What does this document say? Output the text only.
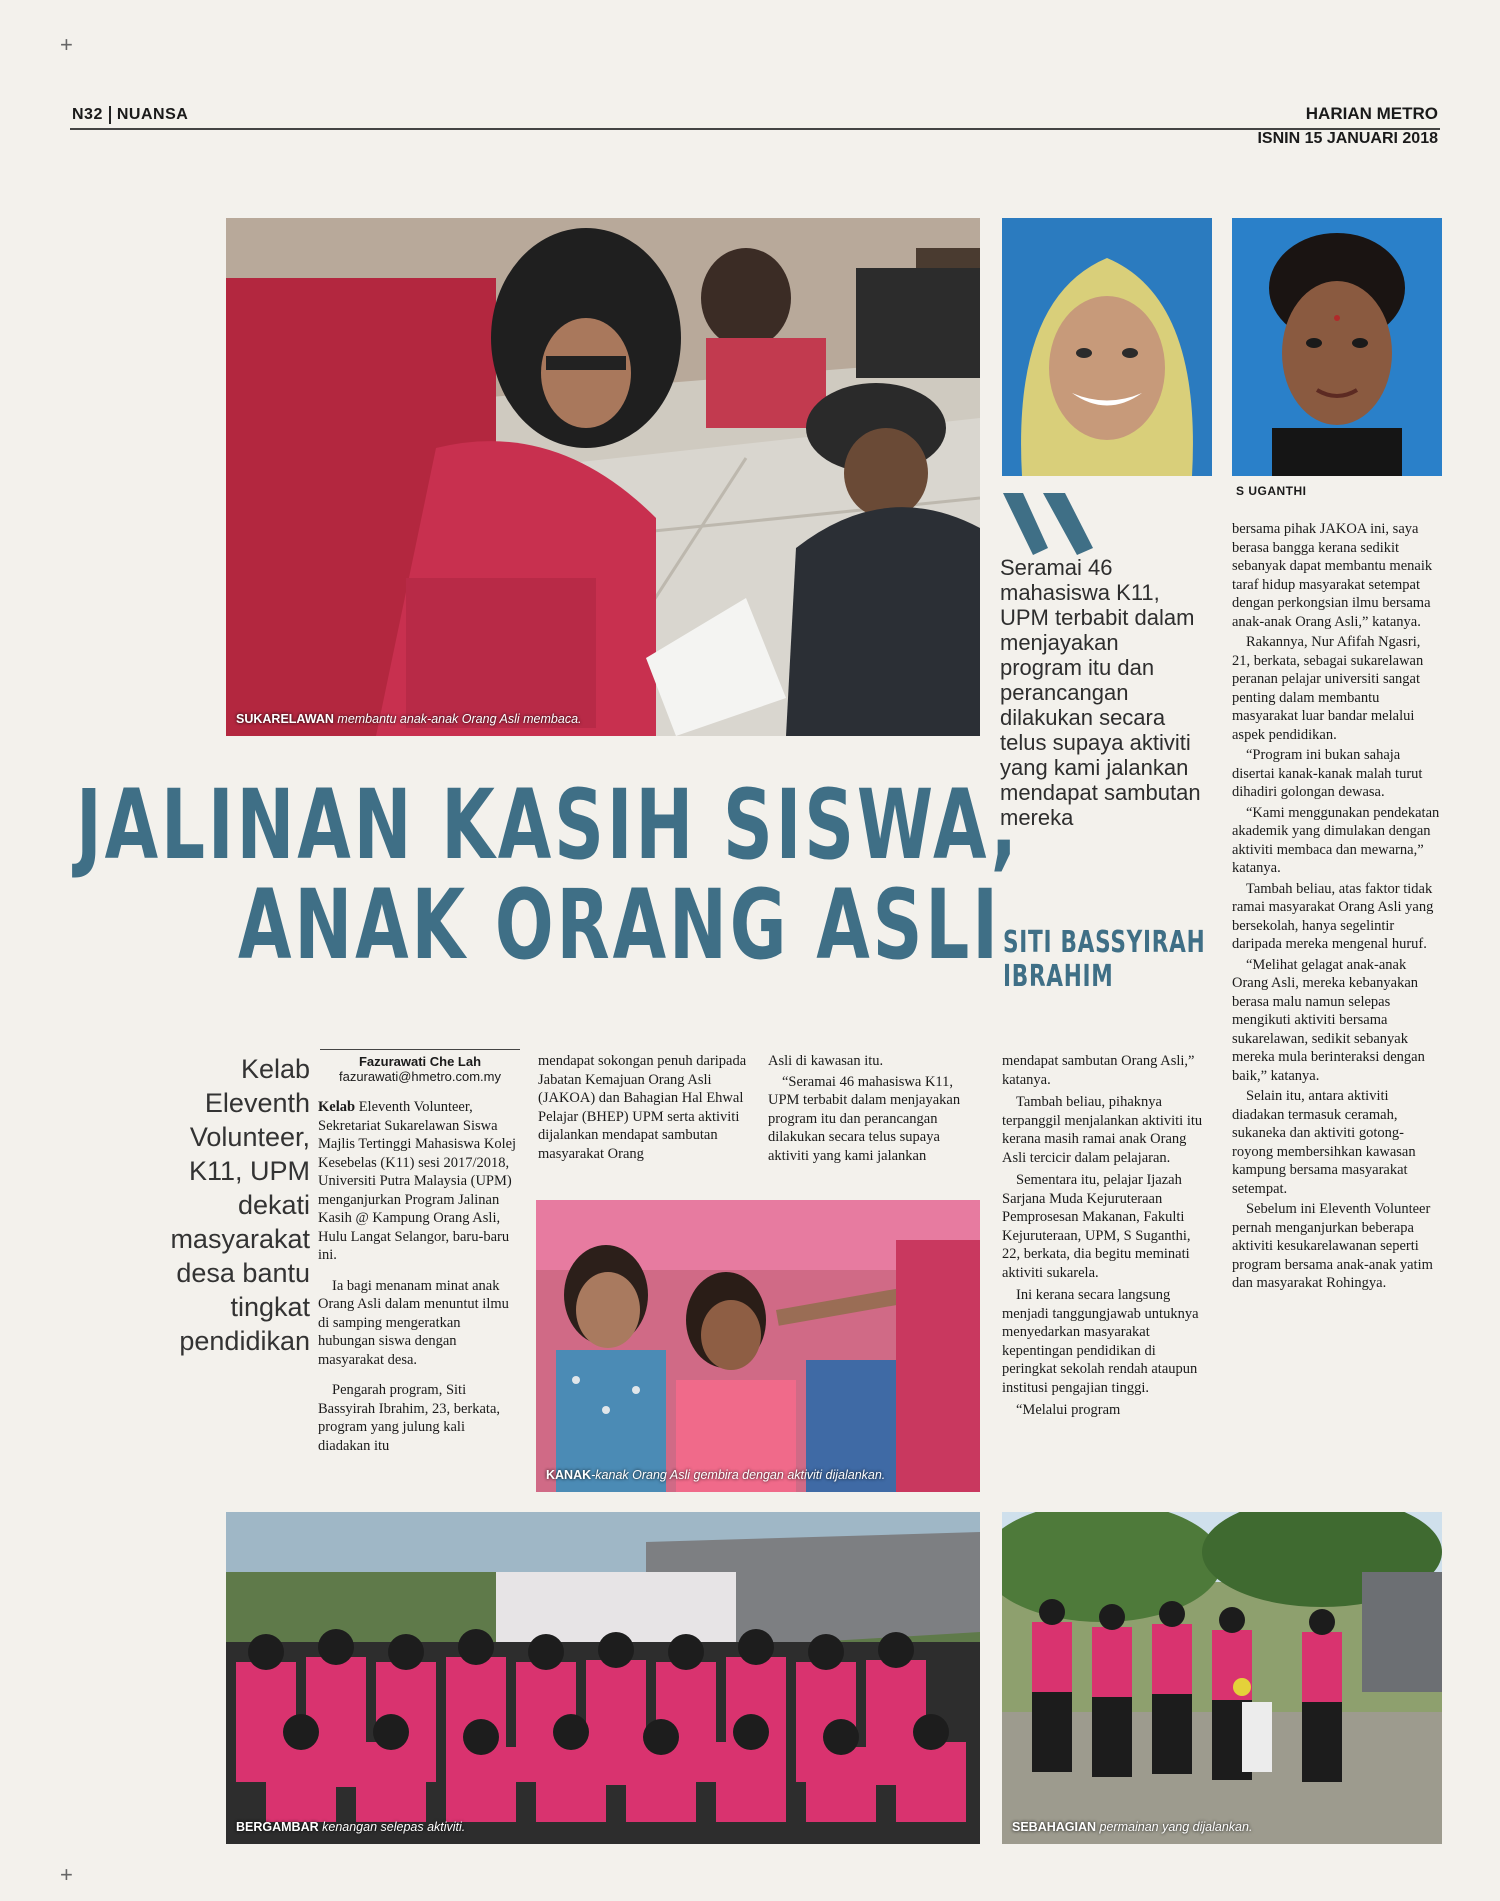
+
+
N32 NUANSA	HARIAN METRO
ISNIN 15 JANUARI 2018
SUKARELAWAN membantu anak-anak Orang Asli membaca.
S UGANTHI
Seramai 46 mahasiswa K11, UPM terbabit dalam menjayakan program itu dan perancangan dilakukan secara telus supaya aktiviti yang kami jalankan mendapat sambutan mereka
SITI BASSYIRAH
IBRAHIM
JALINAN KASIH SISWA,
ANAK ORANG ASLI
Kelab Eleventh Volunteer, K11, UPM dekati masyarakat desa bantu tingkat pendidikan
Fazurawati Che Lah
fazurawati@hmetro.com.my

Kelab Eleventh Volunteer, Sekretariat Sukarelawan Siswa Majlis Tertinggi Mahasiswa Kolej Kesebelas (K11) sesi 2017/2018, Universiti Putra Malaysia (UPM) menganjurkan Program Jalinan Kasih @ Kampung Orang Asli, Hulu Langat Selangor, baru-baru ini.

Ia bagi menanam minat anak Orang Asli dalam menuntut ilmu di samping mengeratkan hubungan siswa dengan masyarakat desa.

Pengarah program, Siti Bassyirah Ibrahim, 23, berkata, program yang julung kali diadakan itu

mendapat sokongan penuh daripada Jabatan Kemajuan Orang Asli (JAKOA) dan Bahagian Hal Ehwal Pelajar (BHEP) UPM serta aktiviti dijalankan mendapat sambutan masyarakat Orang

Asli di kawasan itu.

“Seramai 46 mahasiswa K11, UPM terbabit dalam menjayakan program itu dan perancangan dilakukan secara telus supaya aktiviti yang kami jalankan

KANAK-kanak Orang Asli gembira dengan aktiviti dijalankan.

mendapat sambutan Orang Asli,” katanya.

Tambah beliau, pihaknya terpanggil menjalankan aktiviti itu kerana masih ramai anak Orang Asli tercicir dalam pelajaran.

Sementara itu, pelajar Ijazah Sarjana Muda Kejuruteraan Pemprosesan Makanan, Fakulti Kejuruteraan, UPM, S Suganthi, 22, berkata, dia begitu meminati aktiviti sukarela.

Ini kerana secara langsung menjadi tanggungjawab untuknya menyedarkan masyarakat kepentingan pendidikan di peringkat sekolah rendah ataupun institusi pengajian tinggi.

“Melalui program

bersama pihak JAKOA ini, saya berasa bangga kerana sedikit sebanyak dapat membantu menaik taraf hidup masyarakat setempat dengan perkongsian ilmu bersama anak-anak Orang Asli,” katanya.

Rakannya, Nur Afifah Ngasri, 21, berkata, sebagai sukarelawan peranan pelajar universiti sangat penting dalam membantu masyarakat luar bandar melalui aspek pendidikan.

“Program ini bukan sahaja disertai kanak-kanak malah turut dihadiri golongan dewasa.

“Kami menggunakan pendekatan akademik yang dimulakan dengan aktiviti membaca dan mewarna,” katanya.

Tambah beliau, atas faktor tidak ramai masyarakat Orang Asli yang bersekolah, hanya segelintir daripada mereka mengenal huruf.

“Melihat gelagat anak-anak Orang Asli, mereka kebanyakan berasa malu namun selepas mengikuti aktiviti bersama sukarelawan, sedikit sebanyak mereka mula berinteraksi dengan baik,” katanya.

Selain itu, antara aktiviti diadakan termasuk ceramah, sukaneka dan aktiviti gotong-royong membersihkan kawasan kampung bersama masyarakat setempat.

Sebelum ini Eleventh Volunteer pernah menganjurkan beberapa aktiviti kesukarelawanan seperti program bersama anak-anak yatim dan masyarakat Rohingya.

BERGAMBAR kenangan selepas aktiviti.	SEBAHAGIAN permainan yang dijalankan.
